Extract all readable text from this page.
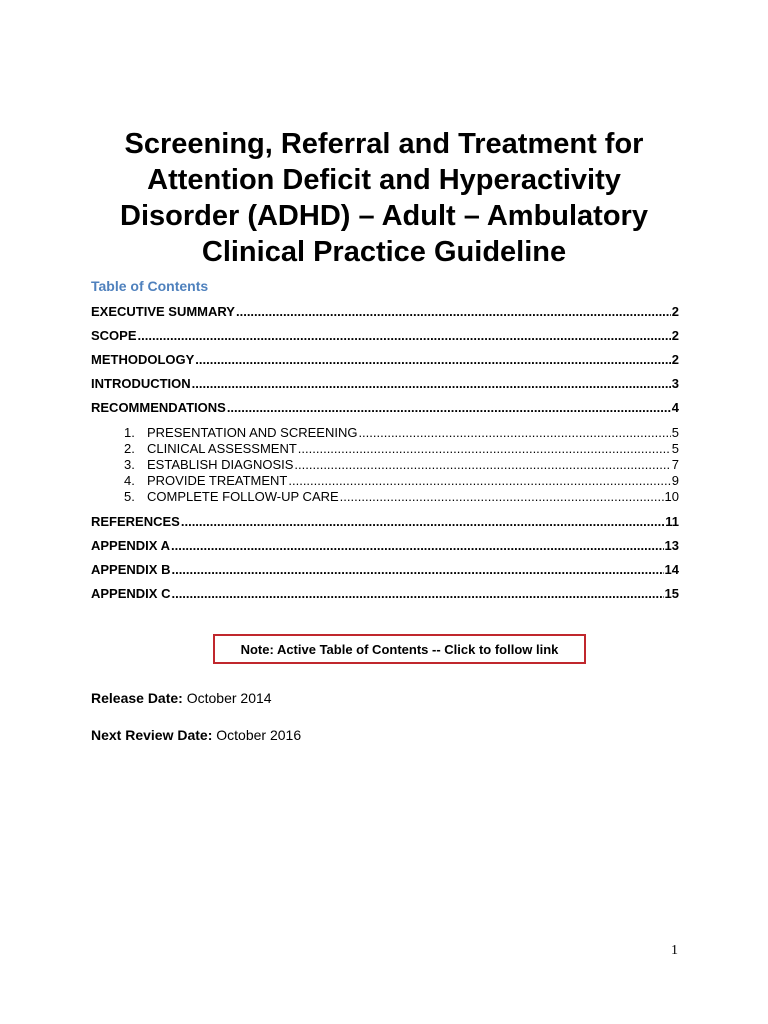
Screening, Referral and Treatment for
Attention Deficit and Hyperactivity
Disorder (ADHD) – Adult – Ambulatory
Clinical Practice Guideline
Table of Contents
EXECUTIVE SUMMARY .....	2
SCOPE .....	2
METHODOLOGY .....	2
INTRODUCTION .....	3
RECOMMENDATIONS .....	4
1. PRESENTATION AND SCREENING .....	5
2. CLINICAL ASSESSMENT .....	5
3. ESTABLISH DIAGNOSIS .....	7
4. PROVIDE TREATMENT .....	9
5. COMPLETE FOLLOW-UP CARE .....	10
REFERENCES .....	11
APPENDIX A .....	13
APPENDIX B .....	14
APPENDIX C .....	15
Note: Active Table of Contents -- Click to follow link
Release Date: October 2014
Next Review Date: October 2016
1
